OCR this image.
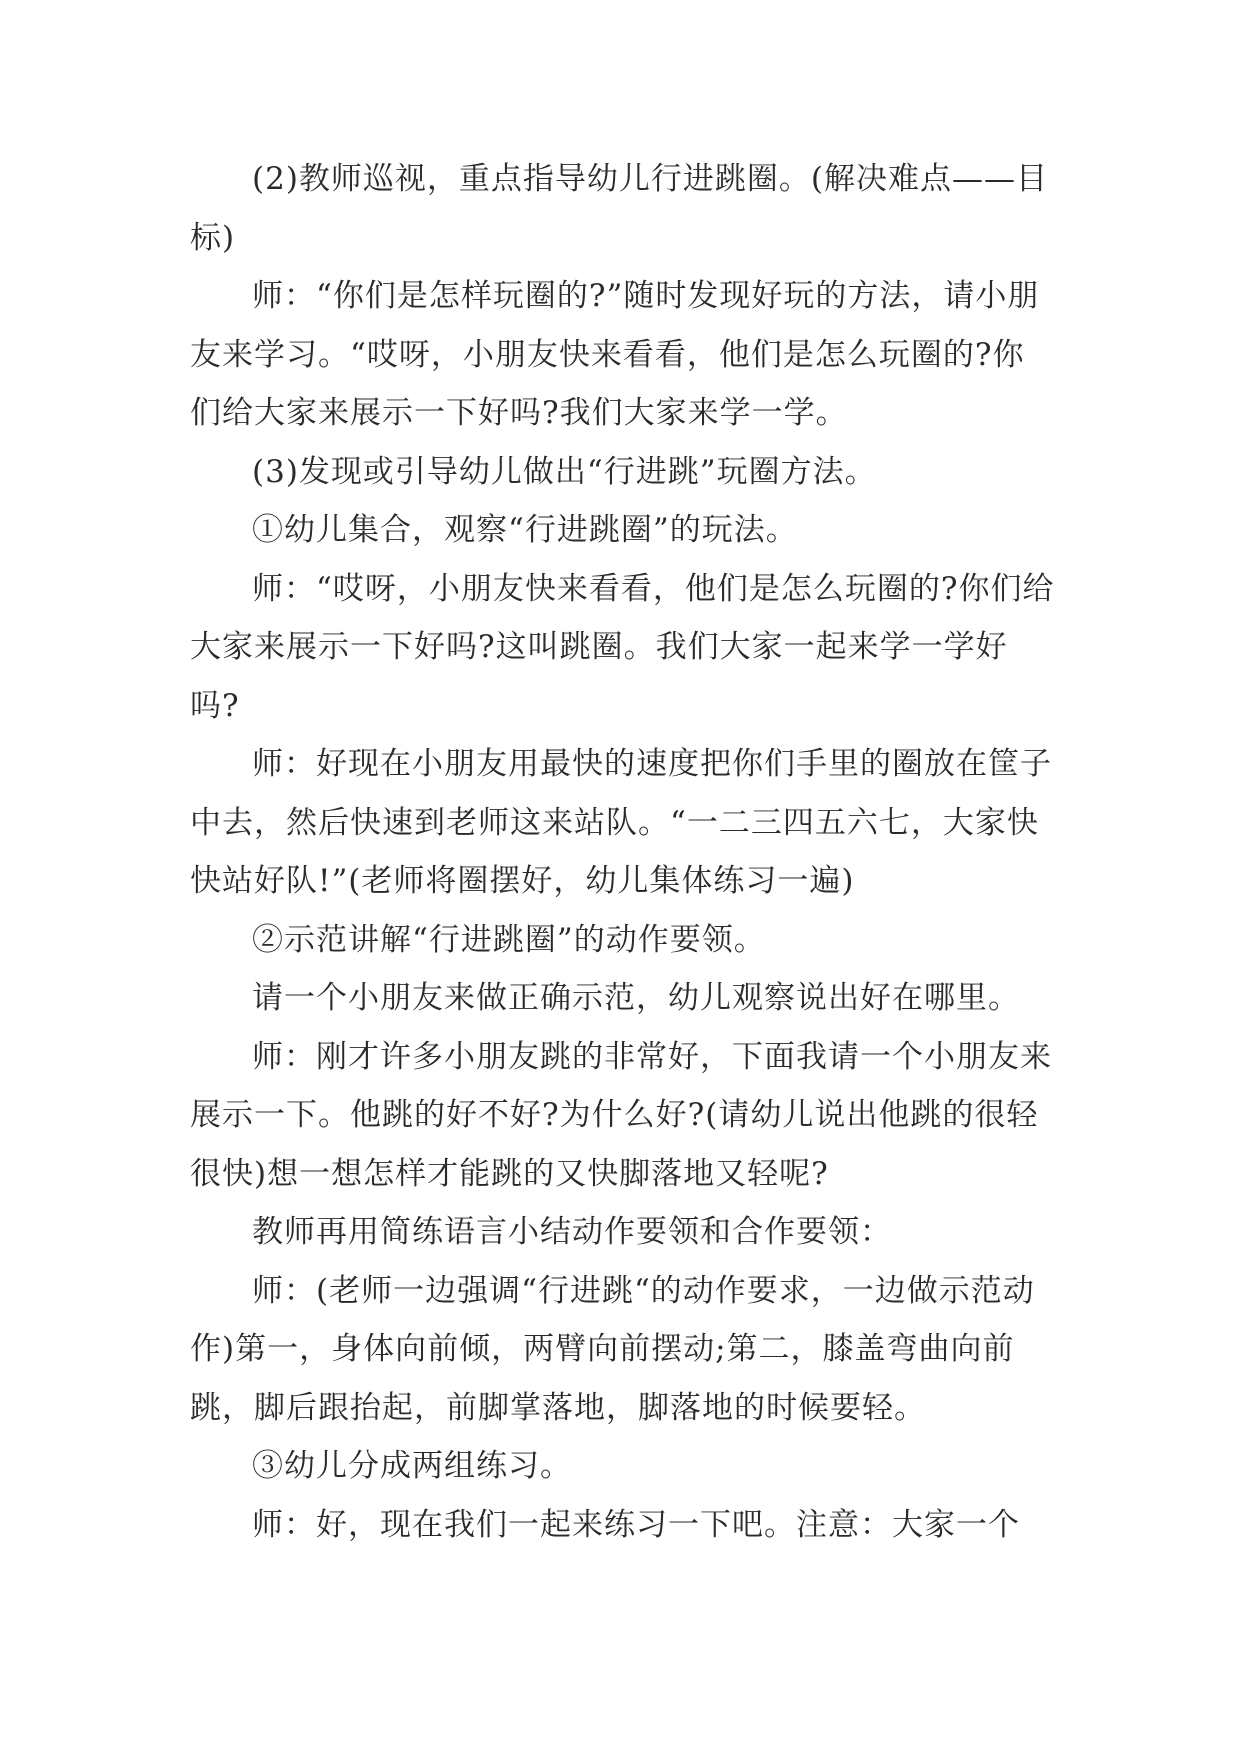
(2)教师巡视，重点指导幼儿行进跳圈。(解决难点——目标)

师：“你们是怎样玩圈的?”随时发现好玩的方法，请小朋友来学习。“哎呀，小朋友快来看看，他们是怎么玩圈的?你们给大家来展示一下好吗?我们大家来学一学。

(3)发现或引导幼儿做出“行进跳”玩圈方法。

①幼儿集合，观察“行进跳圈”的玩法。

师：“哎呀，小朋友快来看看，他们是怎么玩圈的?你们给大家来展示一下好吗?这叫跳圈。我们大家一起来学一学好吗?

师：好现在小朋友用最快的速度把你们手里的圈放在筐子中去，然后快速到老师这来站队。“一二三四五六七，大家快快站好队!”(老师将圈摆好，幼儿集体练习一遍)

②示范讲解“行进跳圈”的动作要领。

请一个小朋友来做正确示范，幼儿观察说出好在哪里。

师：刚才许多小朋友跳的非常好，下面我请一个小朋友来展示一下。他跳的好不好?为什么好?(请幼儿说出他跳的很轻很快)想一想怎样才能跳的又快脚落地又轻呢?

教师再用简练语言小结动作要领和合作要领：

师：(老师一边强调“行进跳“的动作要求，一边做示范动作)第一，身体向前倾，两臂向前摆动;第二，膝盖弯曲向前跳，脚后跟抬起，前脚掌落地，脚落地的时候要轻。

③幼儿分成两组练习。

师：好，现在我们一起来练习一下吧。注意：大家一个
